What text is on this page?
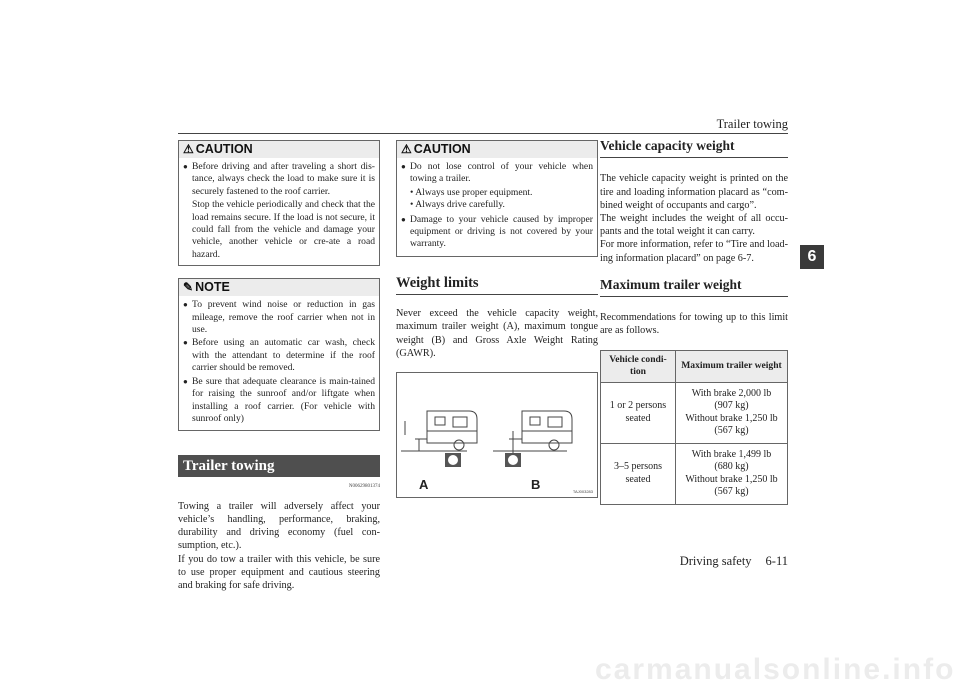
Trailer towing
6
⚠ CAUTION
● Before driving and after traveling a short dis-tance, always check the load to make sure it is securely fastened to the roof carrier.
Stop the vehicle periodically and check that the load remains secure. If the load is not secure, it could fall from the vehicle and damage your vehicle, another vehicle or cre-ate a road hazard.
✎ NOTE
● To prevent wind noise or reduction in gas mileage, remove the roof carrier when not in use.
● Before using an automatic car wash, check with the attendant to determine if the roof carrier should be removed.
● Be sure that adequate clearance is main-tained for raising the sunroof and/or liftgate when installing a roof carrier. (For vehicle with sunroof only)
Trailer towing
N00629801374
Towing a trailer will adversely affect your vehicle’s handling, performance, braking, durability and driving economy (fuel con-sumption, etc.).
If you do tow a trailer with this vehicle, be sure to use proper equipment and cautious steering and braking for safe driving.
⚠ CAUTION
● Do not lose control of your vehicle when towing a trailer.
• Always use proper equipment.
• Always drive carefully.
● Damage to your vehicle caused by improper equipment or driving is not covered by your warranty.
Weight limits
Never exceed the vehicle capacity weight, maximum trailer weight (A), maximum tongue weight (B) and Gross Axle Weight Rating (GAWR).
A	B	TAJ003283
Vehicle capacity weight
The vehicle capacity weight is printed on the tire and loading information placard as “com-bined weight of occupants and cargo”.
The weight includes the weight of all occu-pants and the total weight it can carry.
For more information, refer to “Tire and load-ing information placard” on page 6-7.
Maximum trailer weight
Recommendations for towing up to this limit are as follows.
Vehicle condi-tion	Maximum trailer weight
1 or 2 persons seated	With brake 2,000 lb
(907 kg)
Without brake 1,250 lb
(567 kg)

3–5 persons seated	With brake 1,499 lb
(680 kg)
Without brake 1,250 lb
(567 kg)
Driving safety 6-11
carmanualsonline.info
